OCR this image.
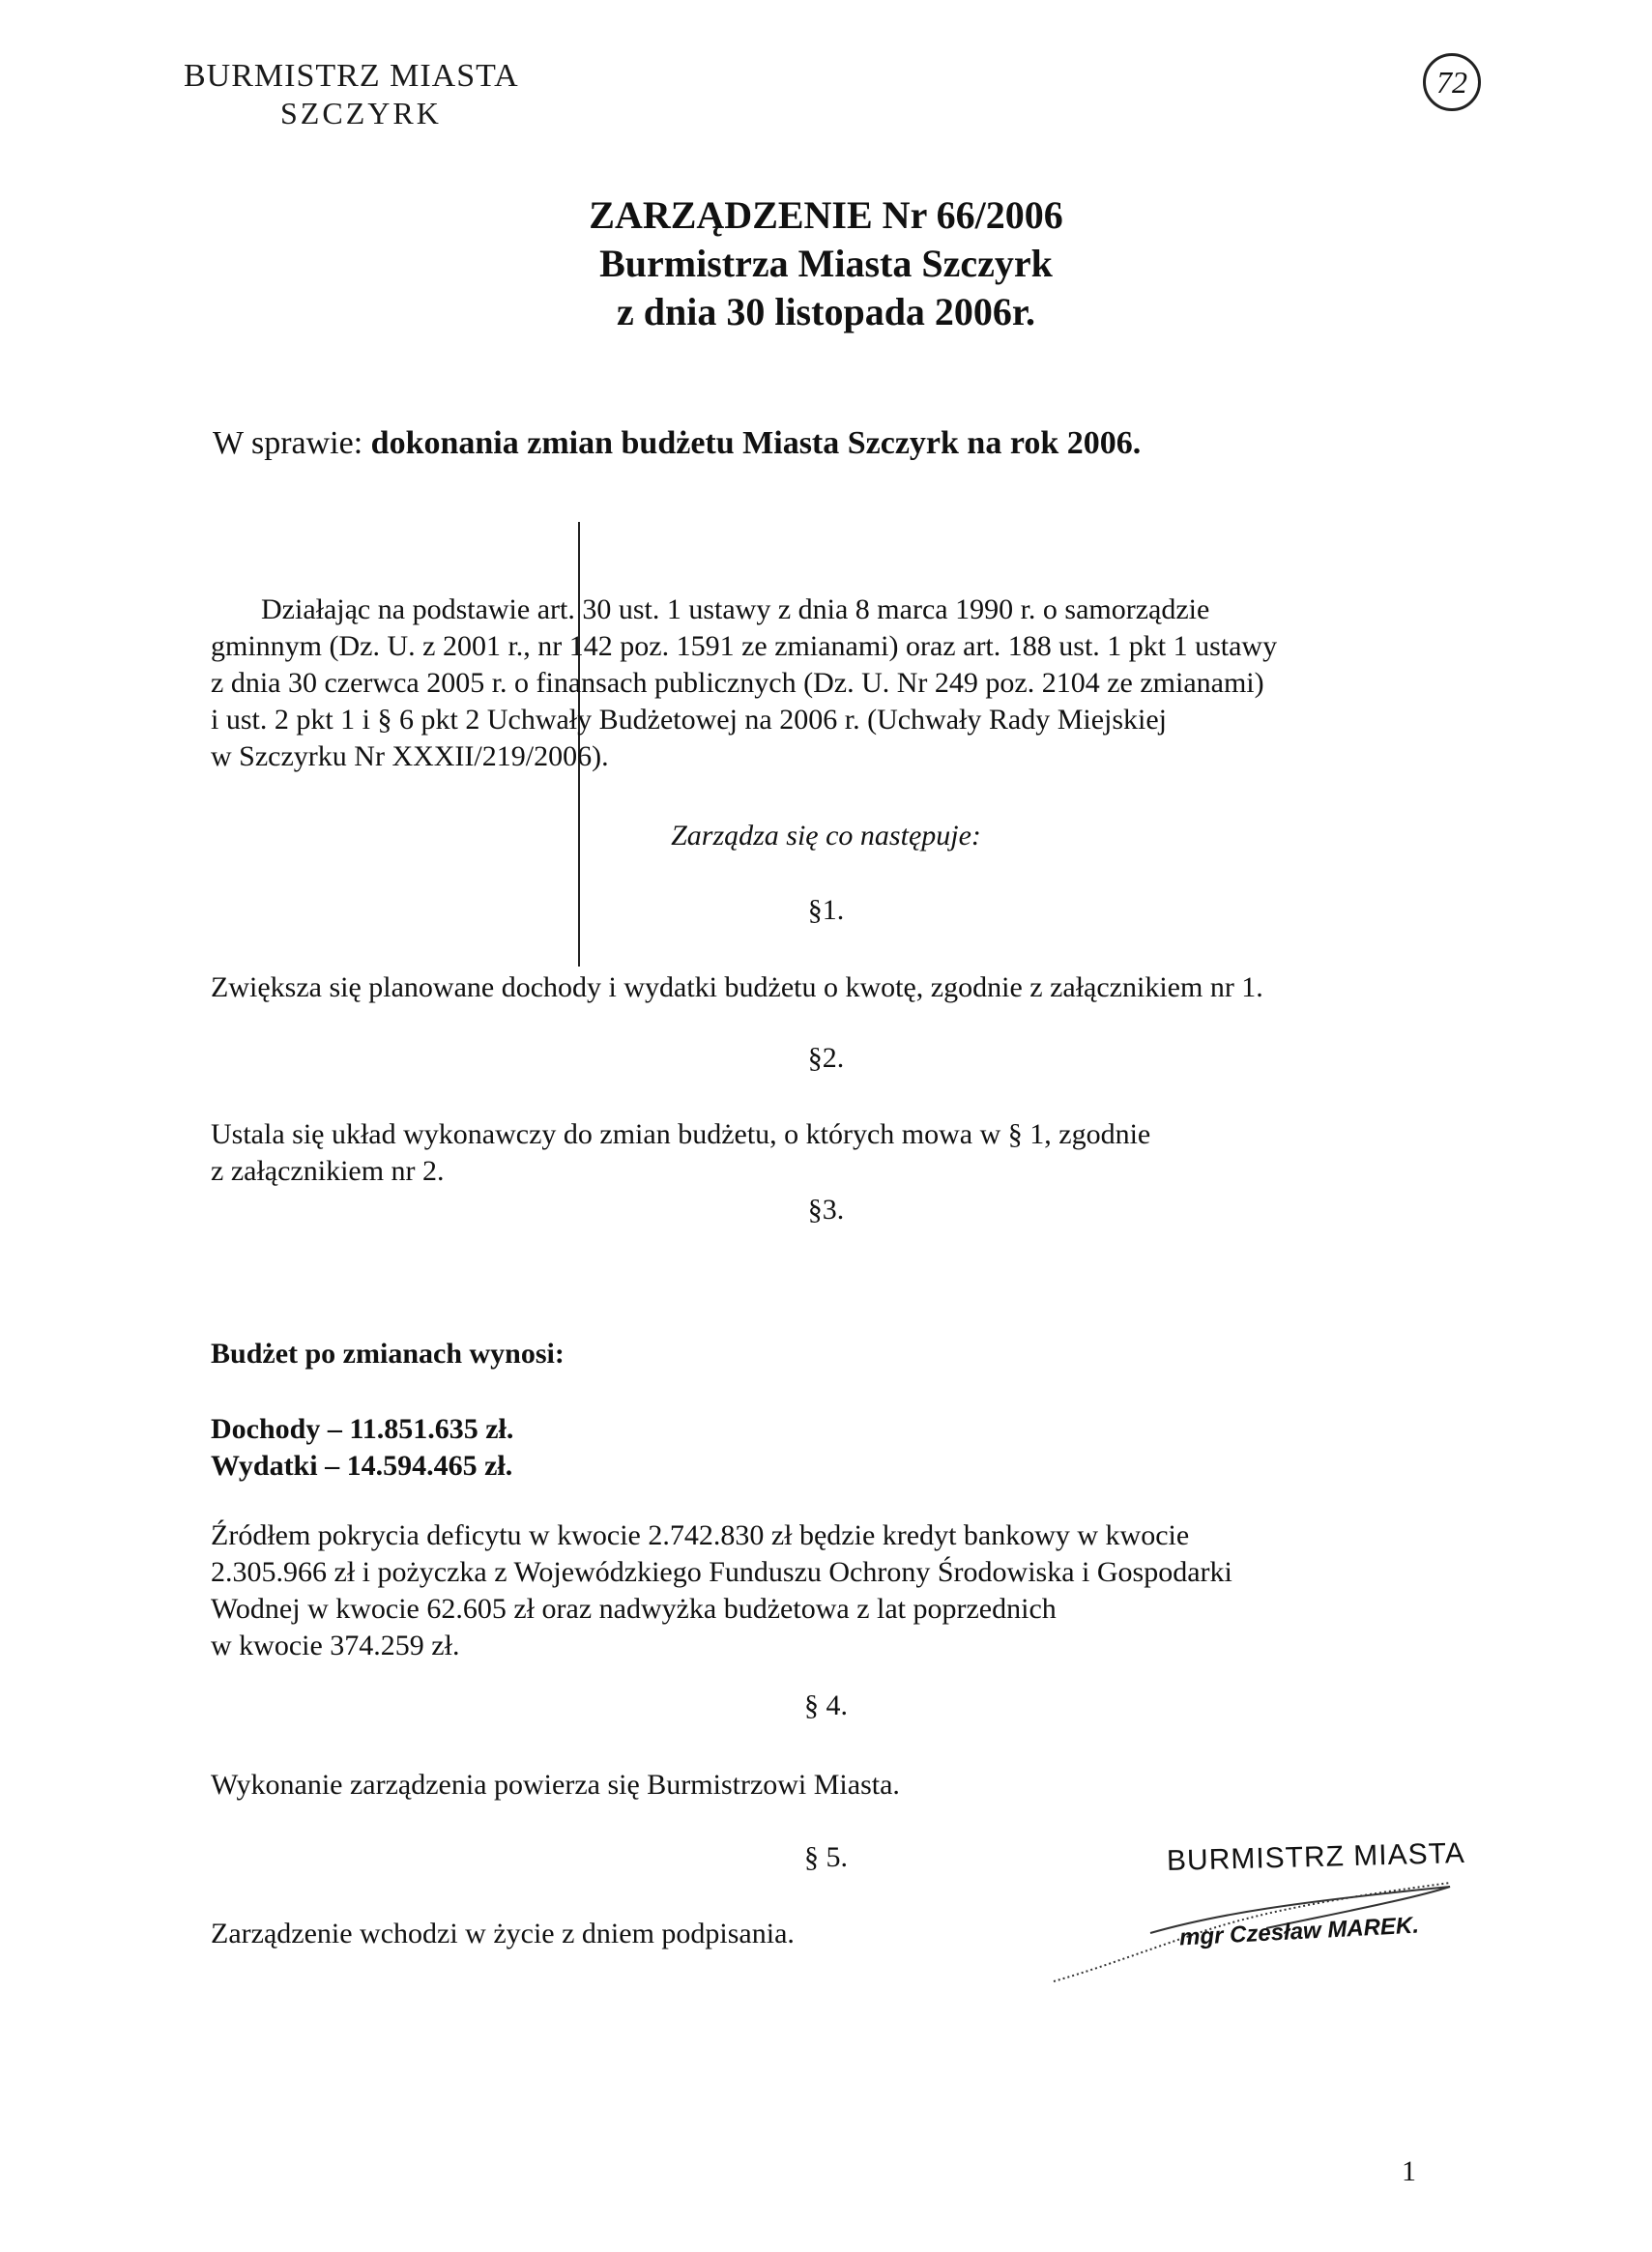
BURMISTRZ MIASTA
SZCZYRK
72
ZARZĄDZENIE Nr 66/2006
Burmistrza Miasta Szczyrk
z dnia 30 listopada 2006r.
W sprawie: dokonania zmian budżetu Miasta Szczyrk na rok 2006.
Działając na podstawie art. 30 ust. 1 ustawy z dnia 8 marca 1990 r. o samorządzie
gminnym (Dz. U. z 2001 r., nr 142 poz. 1591 ze zmianami) oraz art. 188 ust. 1 pkt 1 ustawy
z dnia 30 czerwca 2005 r. o finansach publicznych (Dz. U. Nr 249 poz. 2104 ze zmianami)
i ust. 2 pkt 1 i § 6 pkt 2 Uchwały Budżetowej na 2006 r. (Uchwały Rady Miejskiej
w Szczyrku Nr XXXII/219/2006).
Zarządza się co następuje:
§1.
Zwiększa się planowane dochody i wydatki budżetu o kwotę, zgodnie z załącznikiem nr 1.
§2.
Ustala się układ wykonawczy do zmian budżetu, o których mowa w § 1, zgodnie
z załącznikiem nr 2.
§3.
Budżet po zmianach wynosi:
Dochody – 11.851.635 zł.
Wydatki – 14.594.465 zł.
Źródłem pokrycia deficytu w kwocie 2.742.830 zł będzie kredyt bankowy w kwocie
2.305.966 zł i pożyczka z Wojewódzkiego Funduszu Ochrony Środowiska i Gospodarki
Wodnej w kwocie 62.605 zł oraz nadwyżka budżetowa z lat poprzednich
w kwocie 374.259 zł.
§ 4.
Wykonanie zarządzenia powierza się Burmistrzowi Miasta.
§ 5.
Zarządzenie wchodzi w życie z dniem podpisania.
BURMISTRZ MIASTA
mgr Czesław MAREK.
1
